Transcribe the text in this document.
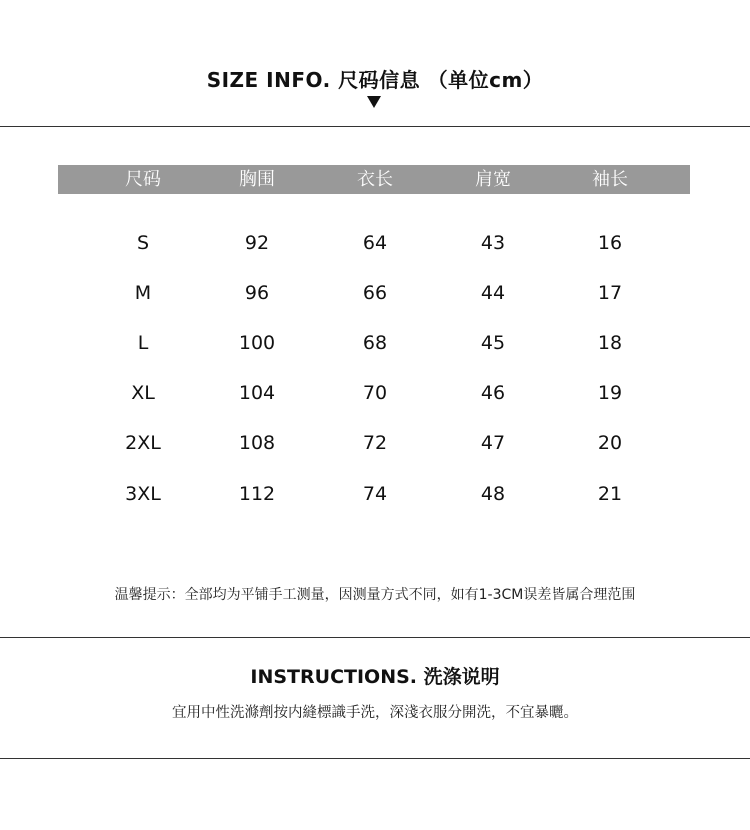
SIZE INFO. 尺码信息 （单位cm）
尺码	胸围	衣长	肩宽	袖长
S	92	64	43	16
M	96	66	44	17
L	100	68	45	18
XL	104	70	46	19
2XL	108	72	47	20
3XL	112	74	48	21
温馨提示：全部均为平铺手工测量，因测量方式不同，如有1-3CM误差皆属合理范围
INSTRUCTIONS. 洗涤说明
宜用中性洗滌劑按内縫標識手洗，深淺衣服分開洗，不宜暴曬。
